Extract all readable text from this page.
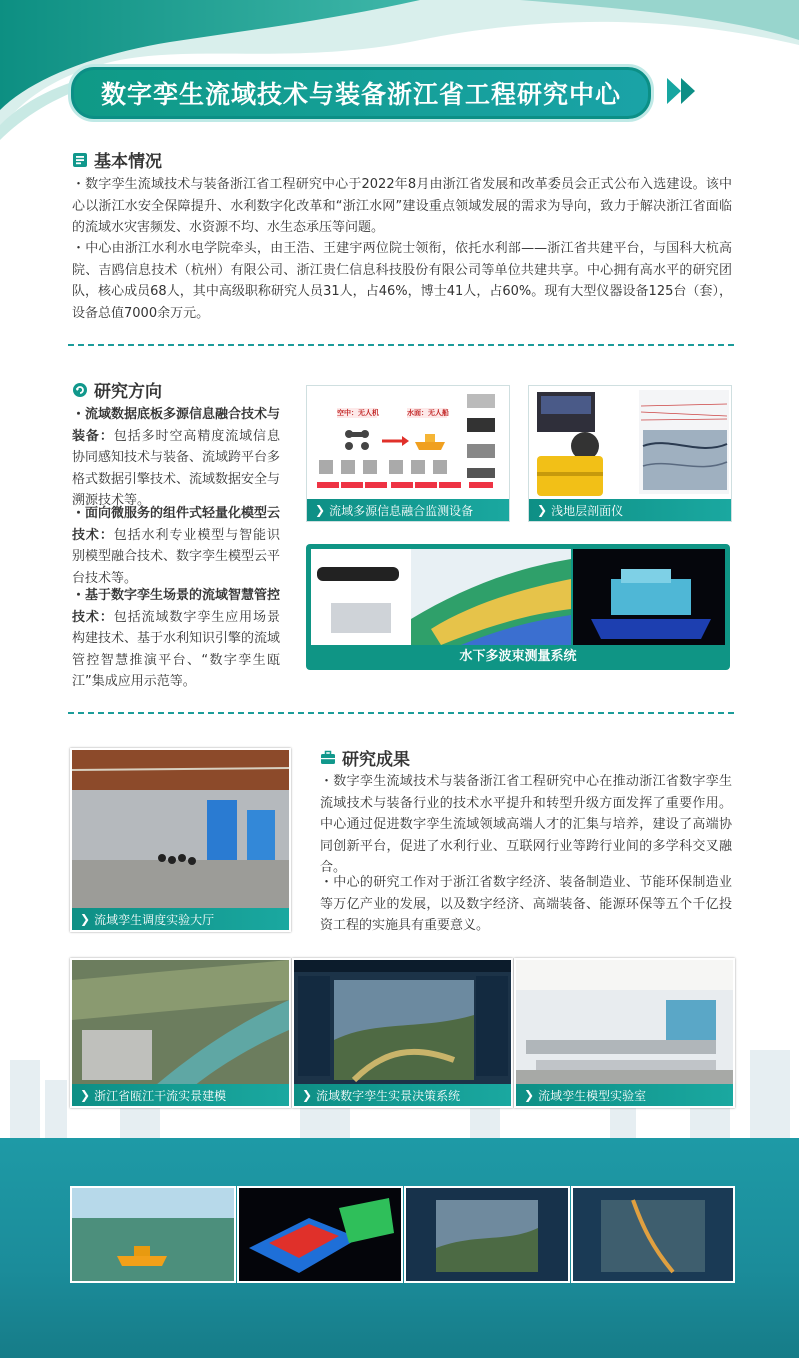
数字孪生流域技术与装备浙江省工程研究中心
基本情况
・数字孪生流域技术与装备浙江省工程研究中心于2022年8月由浙江省发展和改革委员会正式公布入选建设。该中心以浙江水安全保障提升、水利数字化改革和“浙江水网”建设重点领域发展的需求为导向，致力于解决浙江省面临的流域水灾害频发、水资源不均、水生态承压等问题。
・中心由浙江水利水电学院牵头，由王浩、王建宇两位院士领衔，依托水利部——浙江省共建平台，与国科大杭高院、吉鸥信息技术（杭州）有限公司、浙江贵仁信息科技股份有限公司等单位共建共享。中心拥有高水平的研究团队，核心成员68人，其中高级职称研究人员31人，占46%，博士41人，占60%。现有大型仪器设备125台（套），设备总值7000余万元。
研究方向
・流域数据底板多源信息融合技术与装备：包括多时空高精度流域信息协同感知技术与装备、流域跨平台多格式数据引擎技术、流域数据安全与溯源技术等。
・面向微服务的组件式轻量化模型云技术：包括水利专业模型与智能识别模型融合技术、数字孪生模型云平台技术等。
・基于数字孪生场景的流域智慧管控技术：包括流域数字孪生应用场景构建技术、基于水利知识引擎的流域管控智慧推演平台、“数字孪生瓯江”集成应用示范等。
空中：无人机	水面：无人船
❯ 流域多源信息融合监测设备	❯ 浅地层剖面仪
水下多波束测量系统
❯ 流域孪生调度实验大厅
研究成果
・数字孪生流域技术与装备浙江省工程研究中心在推动浙江省数字孪生流域技术与装备行业的技术水平提升和转型升级方面发挥了重要作用。中心通过促进数字孪生流域领域高端人才的汇集与培养，建设了高端协同创新平台，促进了水利行业、互联网行业等跨行业间的多学科交叉融合。
・中心的研究工作对于浙江省数字经济、装备制造业、节能环保制造业等万亿产业的发展，以及数字经济、高端装备、能源环保等五个千亿投资工程的实施具有重要意义。
❯ 浙江省瓯江干流实景建模	❯ 流域数字孪生实景决策系统	❯ 流域孪生模型实验室
